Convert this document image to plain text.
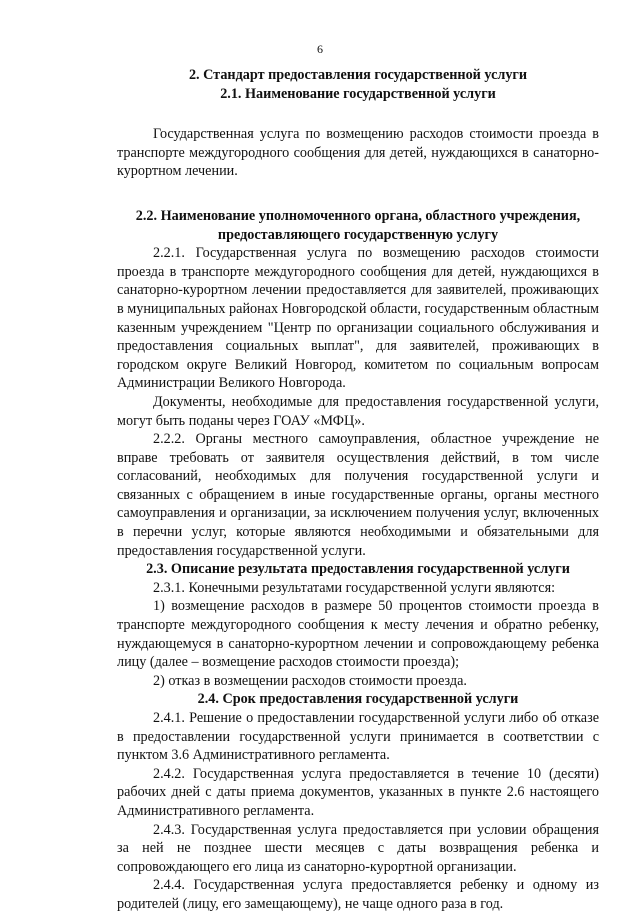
6
2. Стандарт предоставления государственной услуги
2.1. Наименование государственной услуги
Государственная услуга по возмещению расходов стоимости проезда в транспорте междугородного сообщения для детей, нуждающихся в санаторно-курортном лечении.
2.2. Наименование уполномоченного органа, областного учреждения, предоставляющего государственную услугу
2.2.1. Государственная услуга по возмещению расходов стоимости проезда в транспорте междугородного сообщения для детей, нуждающихся в санаторно-курортном лечении предоставляется для заявителей, проживающих в муниципальных районах Новгородской области, государственным областным казенным учреждением "Центр по организации социального обслуживания и предоставления социальных выплат", для заявителей, проживающих в городском округе Великий Новгород, комитетом по социальным вопросам Администрации Великого Новгорода.
Документы, необходимые для предоставления государственной услуги, могут быть поданы через ГОАУ «МФЦ».
2.2.2. Органы местного самоуправления, областное учреждение не вправе требовать от заявителя осуществления действий, в том числе согласований, необходимых для получения государственной услуги и связанных с обращением в иные государственные органы, органы местного самоуправления и организации, за исключением получения услуг, включенных в перечни услуг, которые являются необходимыми и обязательными для предоставления государственной услуги.
2.3. Описание результата предоставления государственной услуги
2.3.1. Конечными результатами государственной услуги являются:
1) возмещение расходов в размере 50 процентов стоимости проезда в транспорте междугородного сообщения к месту лечения и обратно ребенку, нуждающемуся в санаторно-курортном лечении и сопровождающему ребенка лицу (далее – возмещение расходов стоимости проезда);
2) отказ в возмещении расходов стоимости проезда.
2.4. Срок предоставления государственной услуги
2.4.1. Решение о предоставлении государственной услуги либо об отказе в предоставлении государственной услуги принимается в соответствии с пунктом 3.6 Административного регламента.
2.4.2. Государственная услуга предоставляется в течение 10 (десяти) рабочих дней с даты приема документов, указанных в пункте 2.6 настоящего Административного регламента.
2.4.3. Государственная услуга предоставляется при условии обращения за ней не позднее шести месяцев с даты возвращения ребенка и сопровождающего его лица из санаторно-курортной организации.
2.4.4. Государственная услуга предоставляется ребенку и одному из родителей (лицу, его замещающему), не чаще одного раза в год.
